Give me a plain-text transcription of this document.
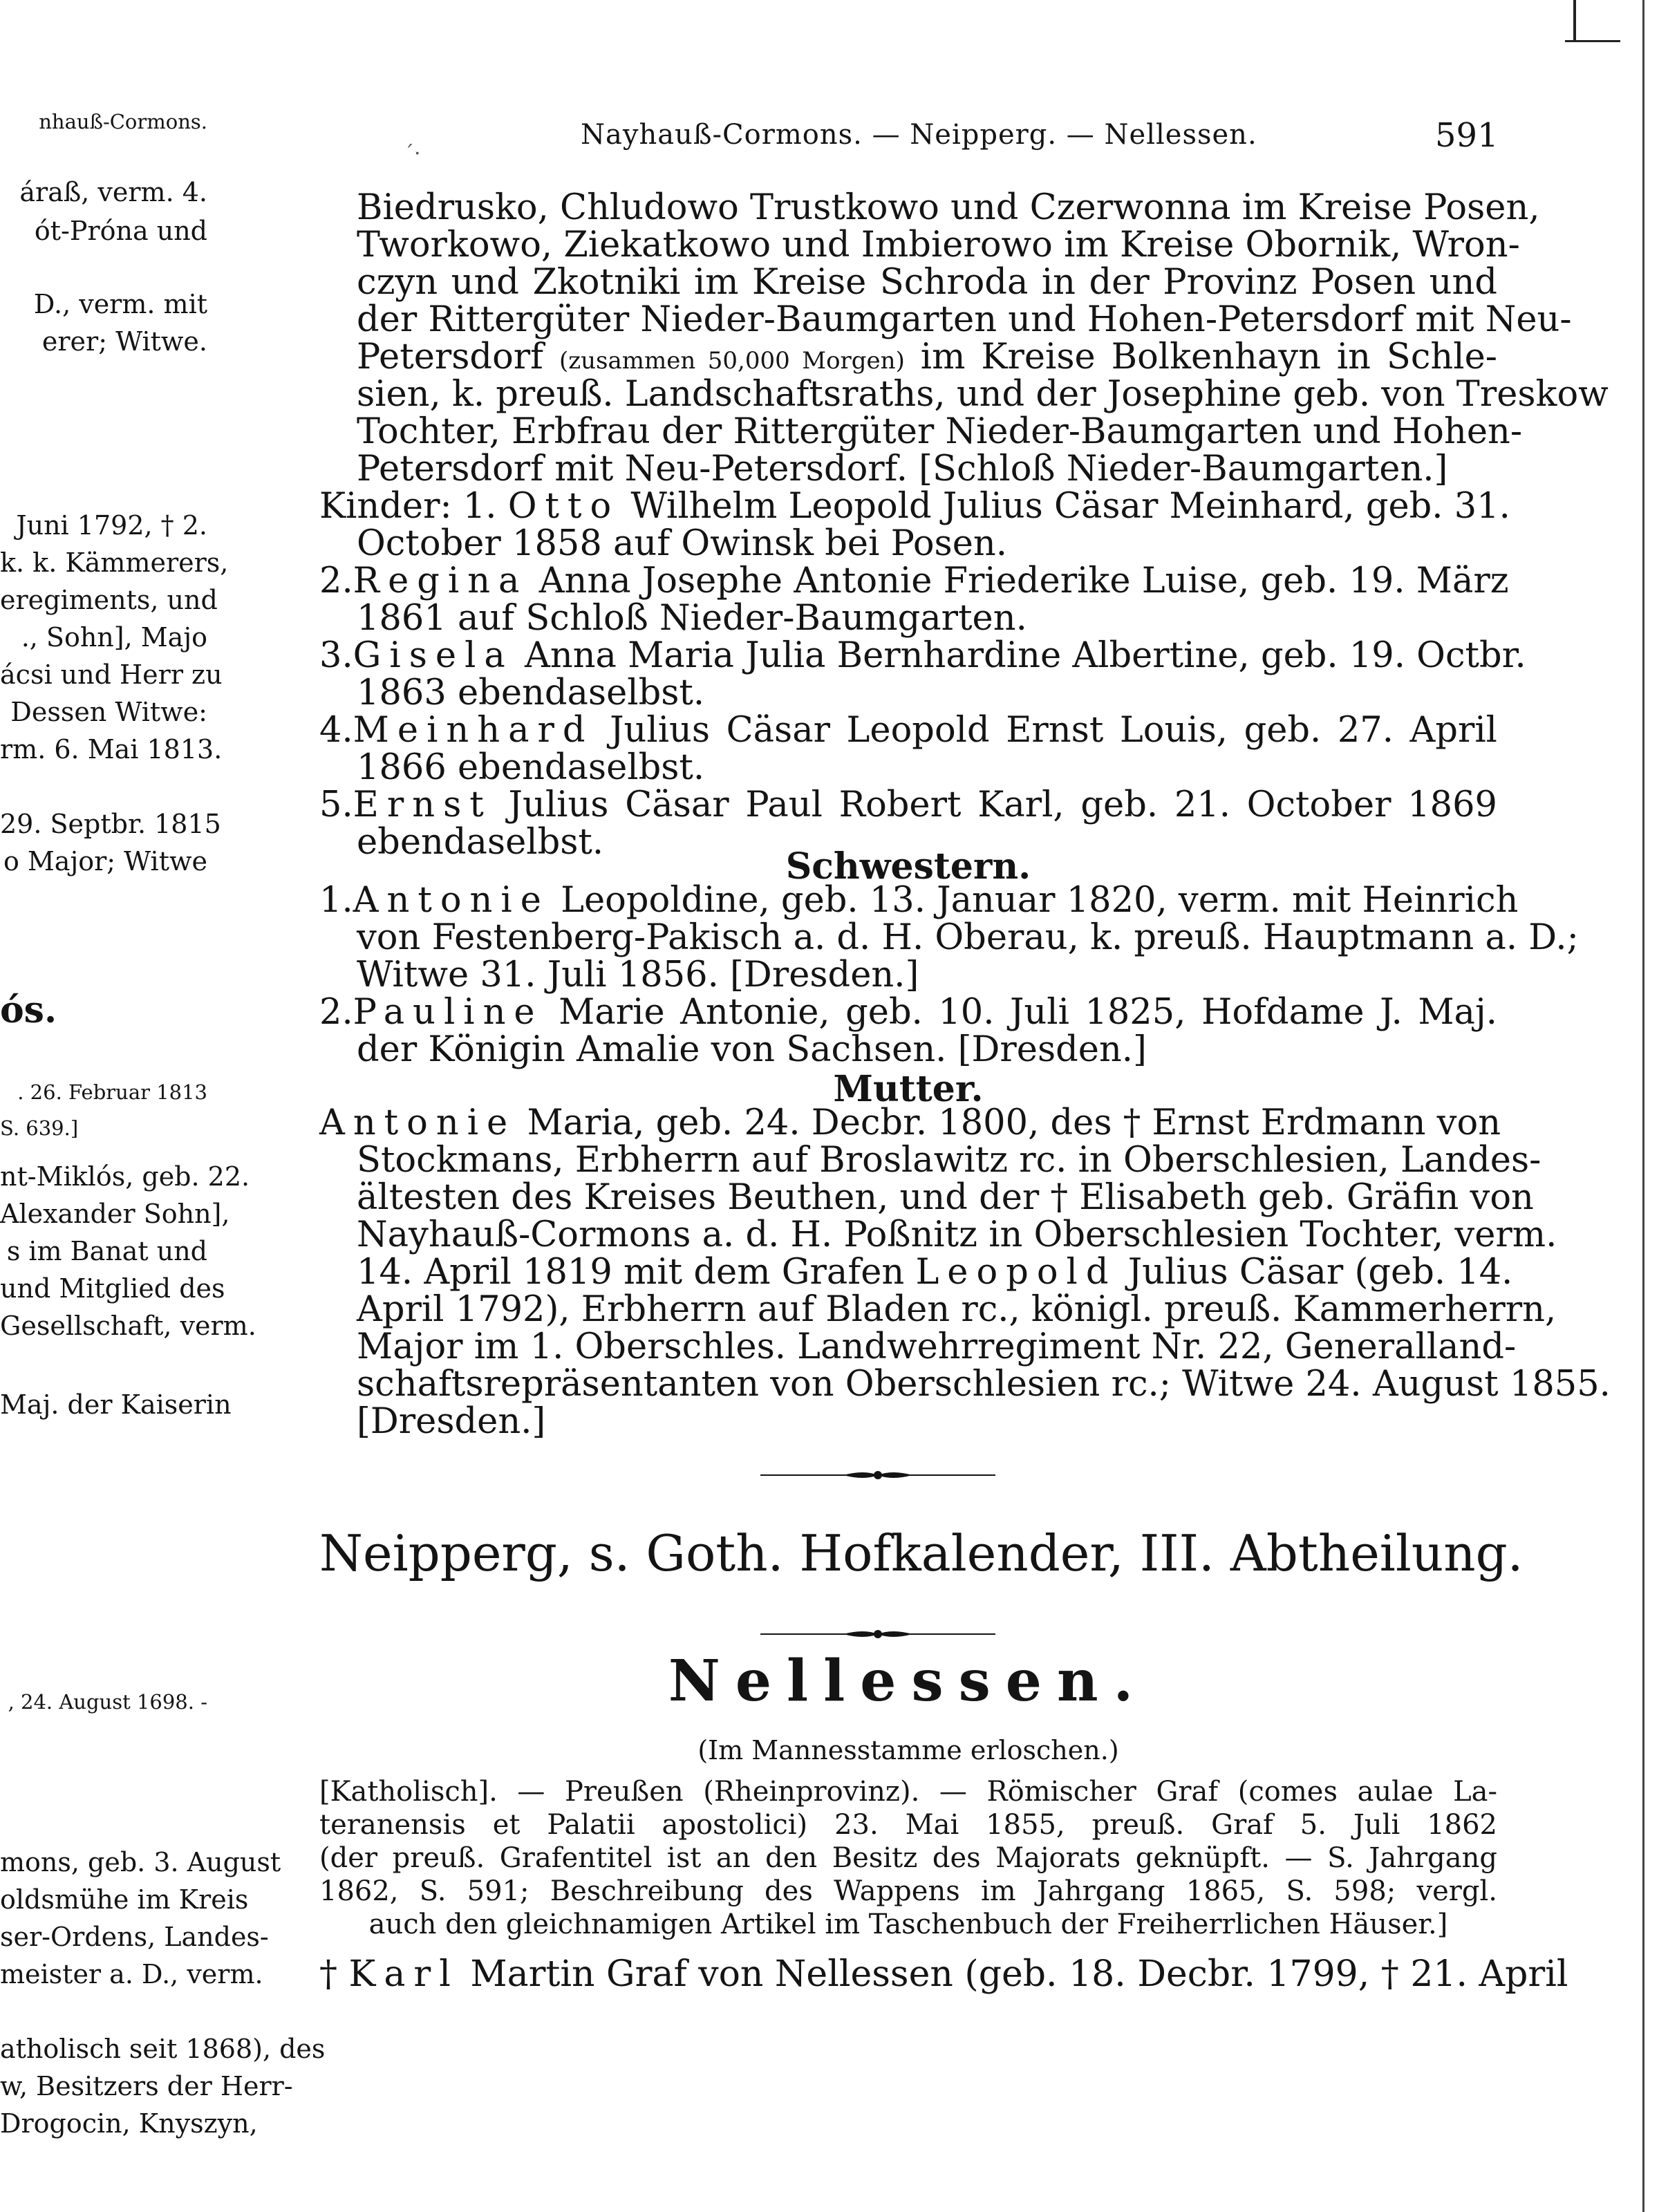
nhauß-Cormons.
áraß, verm. 4.
ót-Próna und
D., verm. mit
erer; Witwe.
Juni 1792, † 2.
k. k. Kämmerers,
eregiments, und
., Sohn], Majo
ácsi und Herr zu
Dessen Witwe:
rm. 6. Mai 1813.
29. Septbr. 1815
o Major; Witwe
ós.
. 26. Februar 1813
S. 639.]
nt-Miklós, geb. 22.
Alexander Sohn],
s im Banat und
und Mitglied des
Gesellschaft, verm.
Maj. der Kaiserin
, 24. August 1698. -
mons, geb. 3. August
oldsmühe im Kreis
ser-Ordens, Landes-
meister a. D., verm.
atholisch seit 1868), des
w, Besitzers der Herr-
Drogocin, Knyszyn,
Nayhauß-Cormons. — Neipperg. — Nellessen.	591
´·
Biedrusko, Chludowo Trustkowo und Czerwonna im Kreise Posen,
Tworkowo, Ziekatkowo und Imbierowo im Kreise Obornik, Wron-
czyn und Zkotniki im Kreise Schroda in der Provinz Posen und
der Rittergüter Nieder-Baumgarten und Hohen-Petersdorf mit Neu-
Petersdorf (zusammen 50,000 Morgen) im Kreise Bolkenhayn in Schle-
sien, k. preuß. Landschaftsraths, und der Josephine geb. von Treskow
Tochter, Erbfrau der Rittergüter Nieder-Baumgarten und Hohen-
Petersdorf mit Neu-Petersdorf. [Schloß Nieder-Baumgarten.]
Kinder: 1. Otto Wilhelm Leopold Julius Cäsar Meinhard, geb. 31.
October 1858 auf Owinsk bei Posen.
2.Regina Anna Josephe Antonie Friederike Luise, geb. 19. März
1861 auf Schloß Nieder-Baumgarten.
3.Gisela Anna Maria Julia Bernhardine Albertine, geb. 19. Octbr.
1863 ebendaselbst.
4.Meinhard Julius Cäsar Leopold Ernst Louis, geb. 27. April
1866 ebendaselbst.
5.Ernst Julius Cäsar Paul Robert Karl, geb. 21. October 1869
ebendaselbst.
Schwestern.
1.Antonie Leopoldine, geb. 13. Januar 1820, verm. mit Heinrich
von Festenberg-Pakisch a. d. H. Oberau, k. preuß. Hauptmann a. D.;
Witwe 31. Juli 1856. [Dresden.]
2.Pauline Marie Antonie, geb. 10. Juli 1825, Hofdame J. Maj.
der Königin Amalie von Sachsen. [Dresden.]
Mutter.
Antonie Maria, geb. 24. Decbr. 1800, des † Ernst Erdmann von
Stockmans, Erbherrn auf Broslawitz rc. in Oberschlesien, Landes-
ältesten des Kreises Beuthen, und der † Elisabeth geb. Gräfin von
Nayhauß-Cormons a. d. H. Poßnitz in Oberschlesien Tochter, verm.
14. April 1819 mit dem Grafen Leopold Julius Cäsar (geb. 14.
April 1792), Erbherrn auf Bladen rc., königl. preuß. Kammerherrn,
Major im 1. Oberschles. Landwehrregiment Nr. 22, Generalland-
schaftsrepräsentanten von Oberschlesien rc.; Witwe 24. August 1855.
[Dresden.]
Neipperg, s. Goth. Hofkalender, III. Abtheilung.
Nellessen.
(Im Mannesstamme erloschen.)
[Katholisch]. — Preußen (Rheinprovinz). — Römischer Graf (comes aulae La-
teranensis et Palatii apostolici) 23. Mai 1855, preuß. Graf 5. Juli 1862
(der preuß. Grafentitel ist an den Besitz des Majorats geknüpft. — S. Jahrgang
1862, S. 591; Beschreibung des Wappens im Jahrgang 1865, S. 598; vergl.
auch den gleichnamigen Artikel im Taschenbuch der Freiherrlichen Häuser.]
† Karl Martin Graf von Nellessen (geb. 18. Decbr. 1799, † 21. April
